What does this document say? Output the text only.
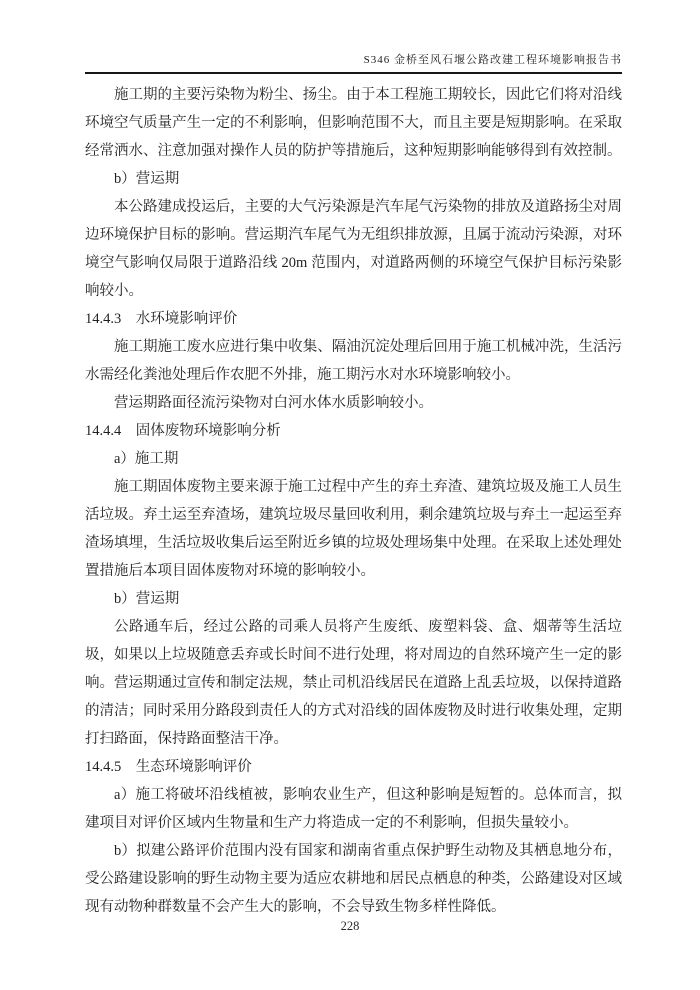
S346 金桥至风石堰公路改建工程环境影响报告书

施工期的主要污染物为粉尘、扬尘。由于本工程施工期较长，因此它们将对沿线环境空气质量产生一定的不利影响，但影响范围不大，而且主要是短期影响。在采取经常洒水、注意加强对操作人员的防护等措施后，这种短期影响能够得到有效控制。

b）营运期

本公路建成投运后，主要的大气污染源是汽车尾气污染物的排放及道路扬尘对周边环境保护目标的影响。营运期汽车尾气为无组织排放源，且属于流动污染源，对环境空气影响仅局限于道路沿线 20m 范围内，对道路两侧的环境空气保护目标污染影响较小。

14.4.3　水环境影响评价

施工期施工废水应进行集中收集、隔油沉淀处理后回用于施工机械冲洗，生活污水需经化粪池处理后作农肥不外排，施工期污水对水环境影响较小。

营运期路面径流污染物对白河水体水质影响较小。

14.4.4　固体废物环境影响分析

a）施工期

施工期固体废物主要来源于施工过程中产生的弃土弃渣、建筑垃圾及施工人员生活垃圾。弃土运至弃渣场，建筑垃圾尽量回收利用，剩余建筑垃圾与弃土一起运至弃渣场填埋，生活垃圾收集后运至附近乡镇的垃圾处理场集中处理。在采取上述处理处置措施后本项目固体废物对环境的影响较小。

b）营运期

公路通车后，经过公路的司乘人员将产生废纸、废塑料袋、盒、烟蒂等生活垃圾，如果以上垃圾随意丢弃或长时间不进行处理，将对周边的自然环境产生一定的影响。营运期通过宣传和制定法规，禁止司机沿线居民在道路上乱丢垃圾，以保持道路的清洁；同时采用分路段到责任人的方式对沿线的固体废物及时进行收集处理，定期打扫路面，保持路面整洁干净。

14.4.5　生态环境影响评价

a）施工将破坏沿线植被，影响农业生产，但这种影响是短暂的。总体而言，拟建项目对评价区域内生物量和生产力将造成一定的不利影响，但损失量较小。

b）拟建公路评价范围内没有国家和湖南省重点保护野生动物及其栖息地分布，受公路建设影响的野生动物主要为适应农耕地和居民点栖息的种类，公路建设对区域现有动物种群数量不会产生大的影响，不会导致生物多样性降低。

228
